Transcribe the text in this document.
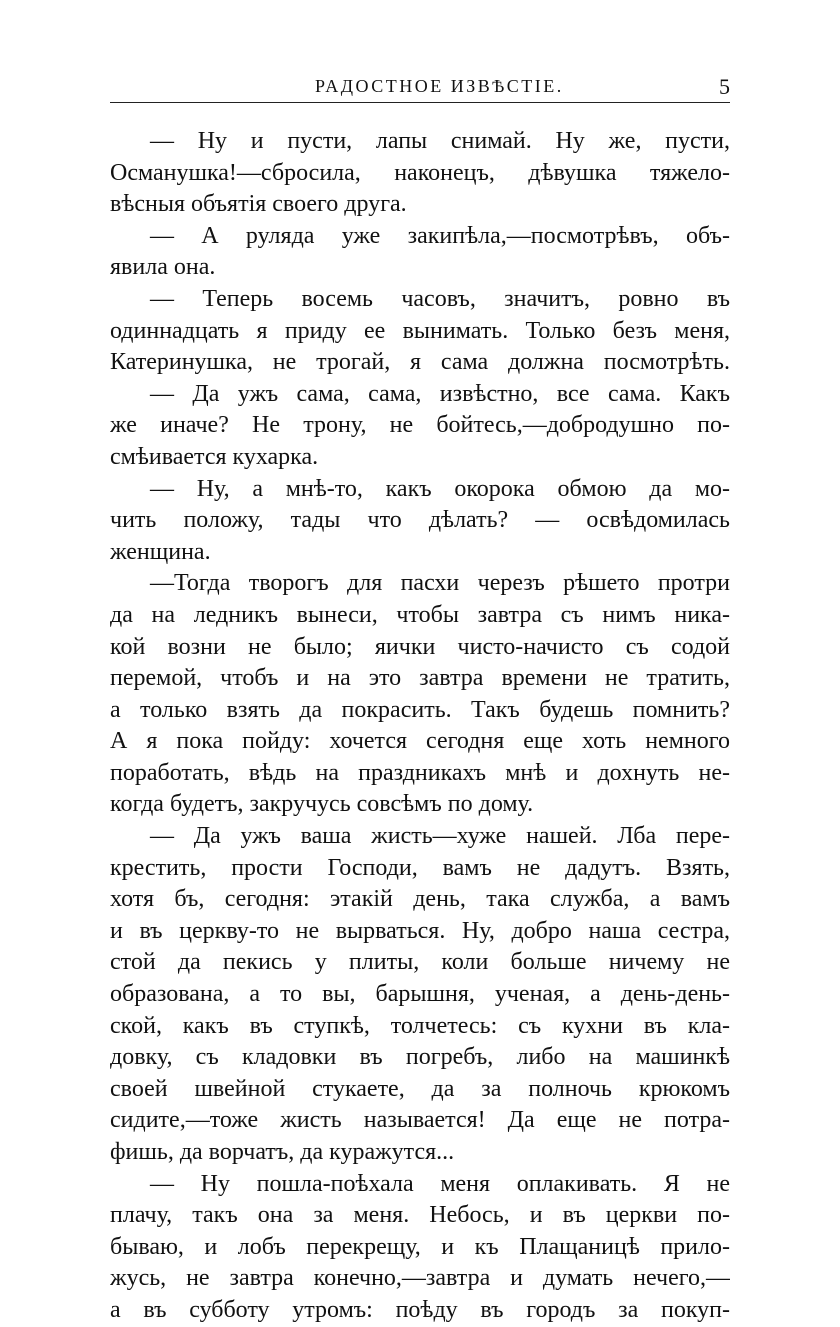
РАДОСТНОЕ ИЗВѢСТIЕ.	5
— Ну и пусти, лапы снимай. Ну же, пусти,
Османушка!—сбросила, наконецъ, дѣвушка тяжело-
вѣсныя объятiя своего друга.
— А руляда уже закипѣла,—посмотрѣвъ, объ-
явила она.
— Теперь восемь часовъ, значитъ, ровно въ
одиннадцать я приду ее вынимать. Только безъ меня,
Катеринушка, не трогай, я сама должна посмотрѣть.
— Да ужъ сама, сама, извѣстно, все сама. Какъ
же иначе? Не трону, не бойтесь,—добродушно по-
смѣивается кухарка.
— Ну, а мнѣ-то, какъ окорока обмою да мо-
чить положу, тады что дѣлать? — освѣдомилась
женщина.
—Тогда творогъ для пасхи черезъ рѣшето протри
да на ледникъ вынеси, чтобы завтра съ нимъ ника-
кой возни не было; яички чисто-начисто съ содой
перемой, чтобъ и на это завтра времени не тратить,
а только взять да покрасить. Такъ будешь помнить?
А я пока пойду: хочется сегодня еще хоть немного
поработать, вѣдь на праздникахъ мнѣ и дохнуть не-
когда будетъ, закручусь совсѣмъ по дому.
— Да ужъ ваша жисть—хуже нашей. Лба пере-
крестить, прости Господи, вамъ не дадутъ. Взять,
хотя бъ, сегодня: этакiй день, така служба, а вамъ
и въ церкву-то не вырваться. Ну, добро наша сестра,
стой да пекись у плиты, коли больше ничему не
образована, а то вы, барышня, ученая, а день-день-
ской, какъ въ ступкѣ, толчетесь: съ кухни въ кла-
довку, съ кладовки въ погребъ, либо на машинкѣ
своей швейной стукаете, да за полночь крюкомъ
сидите,—тоже жисть называется! Да еще не потра-
фишь, да ворчатъ, да куражутся...
— Ну пошла-поѣхала меня оплакивать. Я не
плачу, такъ она за меня. Небось, и въ церкви по-
бываю, и лобъ перекрещу, и къ Плащаницѣ прило-
жусь, не завтра конечно,—завтра и думать нечего,—
а въ субботу утромъ: поѣду въ городъ за покуп-
